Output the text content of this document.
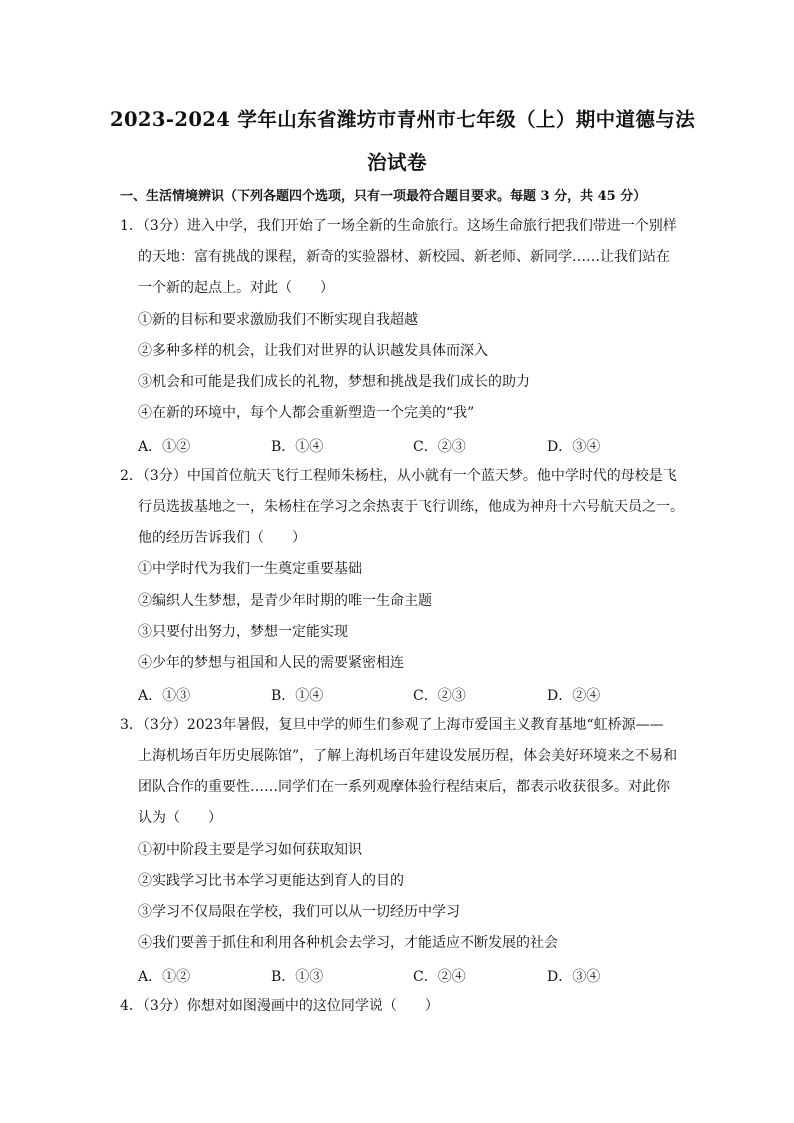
2023-2024 学年山东省潍坊市青州市七年级（上）期中道德与法
治试卷
一、生活情境辨识（下列各题四个选项，只有一项最符合题目要求。每题 3 分，共 45 分）
1．（3分）进入中学，我们开始了一场全新的生命旅行。这场生命旅行把我们带进一个别样
的天地：富有挑战的课程，新奇的实验器材、新校园、新老师、新同学……让我们站在
一个新的起点上。对此（　　）
①新的目标和要求激励我们不断实现自我超越
②多种多样的机会，让我们对世界的认识越发具体而深入
③机会和可能是我们成长的礼物，梦想和挑战是我们成长的助力
④在新的环境中，每个人都会重新塑造一个完美的“我”
A．①②	B．①④	C．②③	D．③④
2．（3分）中国首位航天飞行工程师朱杨柱，从小就有一个蓝天梦。他中学时代的母校是飞
行员选拔基地之一，朱杨柱在学习之余热衷于飞行训练，他成为神舟十六号航天员之一。
他的经历告诉我们（　　）
①中学时代为我们一生奠定重要基础
②编织人生梦想，是青少年时期的唯一生命主题
③只要付出努力，梦想一定能实现
④少年的梦想与祖国和人民的需要紧密相连
A．①③	B．①④	C．②③	D．②④
3．（3分）2023年暑假，复旦中学的师生们参观了上海市爱国主义教育基地“虹桥源——
上海机场百年历史展陈馆”，了解上海机场百年建设发展历程，体会美好环境来之不易和
团队合作的重要性……同学们在一系列观摩体验行程结束后，都表示收获很多。对此你
认为（　　）
①初中阶段主要是学习如何获取知识
②实践学习比书本学习更能达到育人的目的
③学习不仅局限在学校，我们可以从一切经历中学习
④我们要善于抓住和利用各种机会去学习，才能适应不断发展的社会
A．①②	B．①③	C．②④	D．③④
4．（3分）你想对如图漫画中的这位同学说（　　）
